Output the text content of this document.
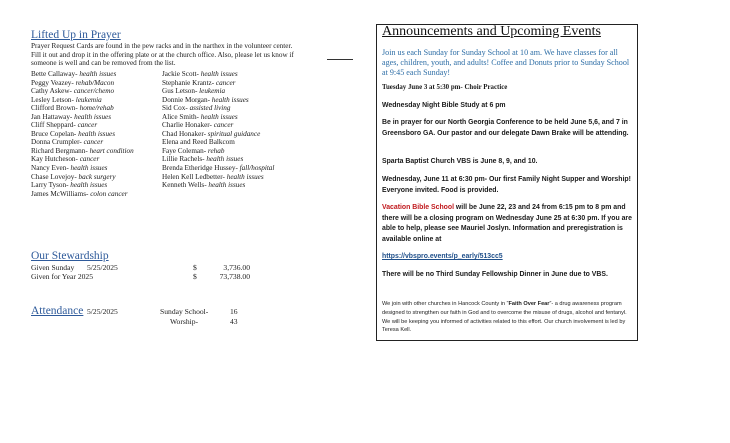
Lifted Up in Prayer
Prayer Request Cards are found in the pew racks and in the narthex in the volunteer center.
Fill it out and drop it in the offering plate or at the church office. Also, please let us know if
someone is well and can be removed from the list.
Bette Callaway- health issues
Peggy Veazey- rehab/Macon
Cathy Askew- cancer/chemo
Lesley Letson- leukemia
Clifford Brown- home/rehab
Jan Hattaway- health issues
Cliff Sheppard- cancer
Bruce Copelan- health issues
Donna Crumpler- cancer
Richard Bergmann- heart condition
Kay Hutcheson- cancer
Nancy Even- health issues
Chase Lovejoy- back surgery
Larry Tyson- health issues
James McWilliams- colon cancer
Jackie Scott- health issues
Stephanie Krantz- cancer
Gus Letson- leukemia
Donnie Morgan- health issues
Sid Cox- assisted living
Alice Smith- health issues
Charlie Honaker- cancer
Chad Honaker- spiritual guidance
Elena and Reed Balkcom
Faye Coleman- rehab
Lillie Rachels- health issues
Brenda Etheridge Hussey- fall/hospital
Helen Kell Ledbetter- health issues
Kenneth Wells- health issues
Our Stewardship
Given Sunday 5/25/2025	$	3,736.00
Given for Year 2025	$	73,738.00
Attendance 5/25/2025	Sunday School-	16
Worship-	43
Announcements and Upcoming Events
Join us each Sunday for Sunday School at 10 am. We have classes for all ages, children, youth, and adults! Coffee and Donuts prior to Sunday School at 9:45 each Sunday!
Tuesday June 3 at 5:30 pm- Choir Practice
Wednesday Night Bible Study at 6 pm
Be in prayer for our North Georgia Conference to be held June 5,6, and 7 in Greensboro GA. Our pastor and our delegate Dawn Brake will be attending.
Sparta Baptist Church VBS is June 8, 9, and 10.
Wednesday, June 11 at 6:30 pm- Our first Family Night Supper and Worship! Everyone invited. Food is provided.
Vacation Bible School will be June 22, 23 and 24 from 6:15 pm to 8 pm and there will be a closing program on Wednesday June 25 at 6:30 pm. If you are able to help, please see Mauriel Joslyn. Information and preregistration is available online at
https://vbspro.events/p_early/513cc5
There will be no Third Sunday Fellowship Dinner in June due to VBS.
We join with other churches in Hancock County in “Faith Over Fear”- a drug awareness program designed to strengthen our faith in God and to overcome the misuse of drugs, alcohol and fentanyl. We will be keeping you informed of activities related to this effort. Our church involvement is led by Teresa Kell.
